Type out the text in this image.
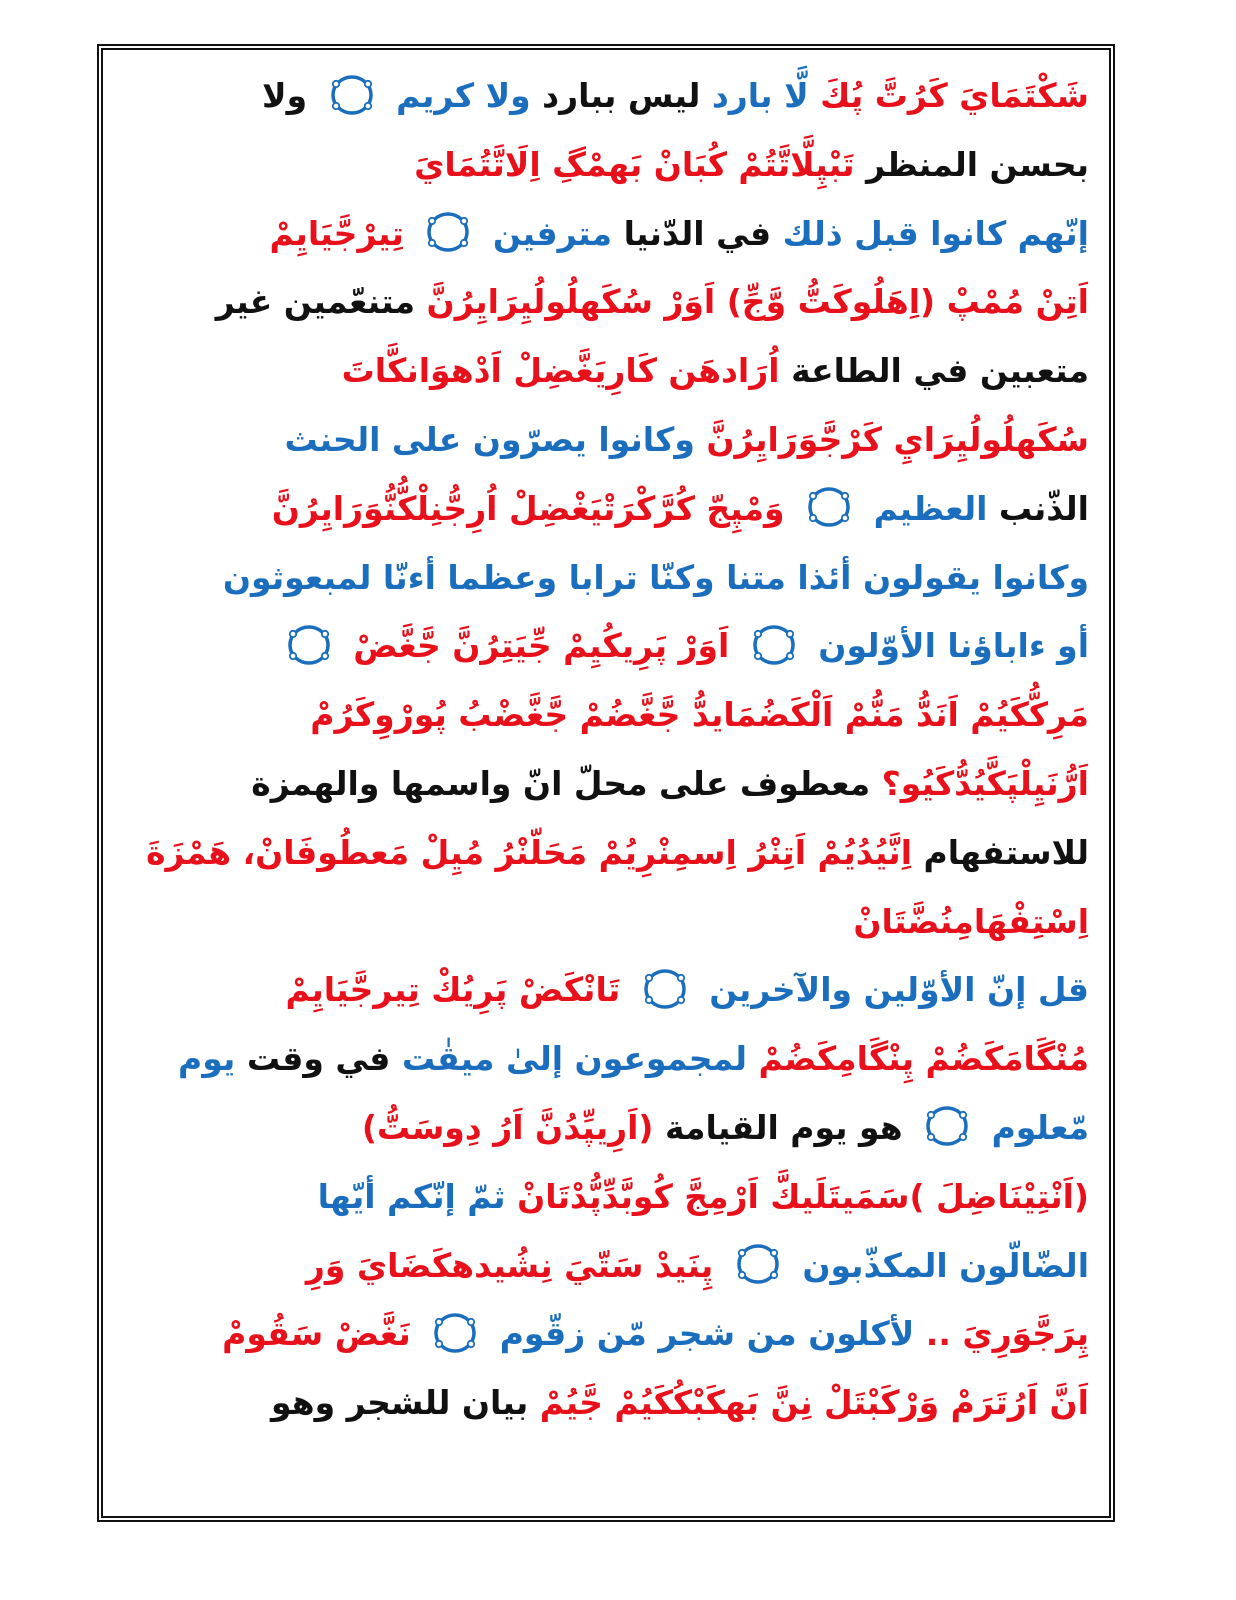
شَكْتَمَايَ كَرُتَّ پُكَ لَّا بارد ليس ببارد ولا كريم
ولا
بحسن المنظر تَبْپِلَّاتَّتُمْ كُبَانْ بَهمْگِ اِلَاتَّتُمَايَ
إنّهم كانوا قبل ذلك في الدّنيا مترفين
تِيرْجَّيَايِمْ
اَتِنْ مُمْپْ (اِهَلُوكَتُّ وَّجِّ) اَوَرْ سُكَهلُولُيِرَايِرُنَّ متنعّمين غير
متعبين في الطاعة اُرَادهَن كَارِيَغَّضِلْ اَدْهوَانكَّاتَ
سُكَهلُولُيِرَايِ كَرْجَّوَرَايِرُنَّ وكانوا يصرّون على الحنث
الذّنب العظيم
وَمْپِجّ كُرَّكْرَتْيَغْضِلْ اُرِجُّنِلْكُّنُّوَرَايِرُنَّ
وكانوا يقولون أئذا متنا وكنّا ترابا وعظما أءنّا لمبعوثون
أو ءاباؤنا الأوّلون
اَوَرْ پَرِيكُيِمْ جِّيَتِرُنَّ جَّغَّضْ
مَرِكُّكَيُمْ اَنَدُّ مَنُّمْ اَلْكَضُمَايدُّ جَّغَّضُمْ جَّغَّضْبُ پُورْوِكَرُمْ
اَرُّنَيِلْپَكَّيُدُّكَيُو؟ معطوف على محلّ انّ واسمها والهمزة
للاستفهام اِنَّيُدُيُمْ اَتِنْرُ اِسمِنْرِيُمْ مَحَلّنْرُ مُيِلْ مَعطُوفَانْ، هَمْزَةَ
اِسْتِفْهَامِنُضَّتَانْ
قل إنّ الأوّلين والآخرين
تَانْكَضْ پَرِيُكْ تِيرجَّيَايِمْ
مُنْگَامَكَضُمْ پِنْگَامِكَضُمْ لمجموعون إلىٰ ميقٰت في وقت يوم
مّعلوم
هو يوم القيامة (اَرِيپِّدُنَّ اَرُ دِوسَتُّ)
(اَنْتِيْنَاضِلَ )سَمَيتَلَيكَّ اَرْمِجَّ كُوبَّدِّپُّدْتَانْ ثمّ إنّكم أيّها
الضّالّون المكذّبون
پِنَيدْ سَتّيَ نِشُيدهكَضَايَ وَرِ
پِرَجَّوَرِيَ .. لأكلون من شجر مّن زقّوم
نَغَّضْ سَقُومْ
اَنَّ اَرُتَرَمْ وَرْكَبْتَلْ نِنَّ بَهكَبْكُكَيُمْ جَّيُمْ بيان للشجر وهو
